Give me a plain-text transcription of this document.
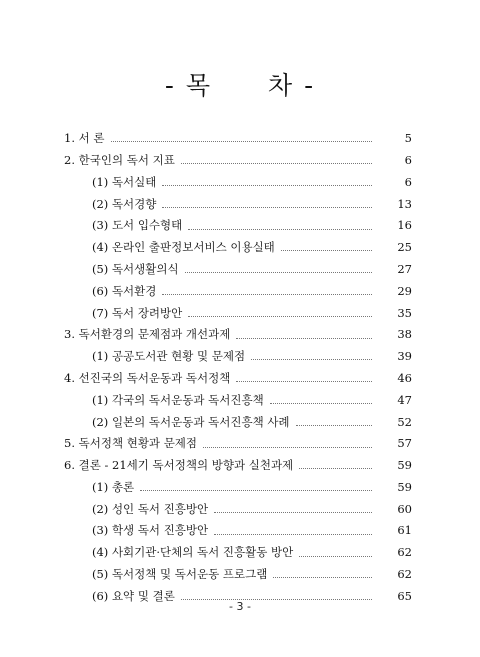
- 목 차 -
1. 서 론	5
2. 한국인의 독서 지표	6
(1) 독서실태	6
(2) 독서경향	13
(3) 도서 입수형태	16
(4) 온라인 출판정보서비스 이용실태	25
(5) 독서생활의식	27
(6) 독서환경	29
(7) 독서 장려방안	35
3. 독서환경의 문제점과 개선과제	38
(1) 공공도서관 현황 및 문제점	39
4. 선진국의 독서운동과 독서정책	46
(1) 각국의 독서운동과 독서진흥책	47
(2) 일본의 독서운동과 독서진흥책 사례	52
5. 독서정책 현황과 문제점	57
6. 결론 - 21세기 독서정책의 방향과 실천과제	59
(1) 총론	59
(2) 성인 독서 진흥방안	60
(3) 학생 독서 진흥방안	61
(4) 사회기관·단체의 독서 진흥활동 방안	62
(5) 독서정책 및 독서운동 프로그램	62
(6) 요약 및 결론	65
- 3 -
